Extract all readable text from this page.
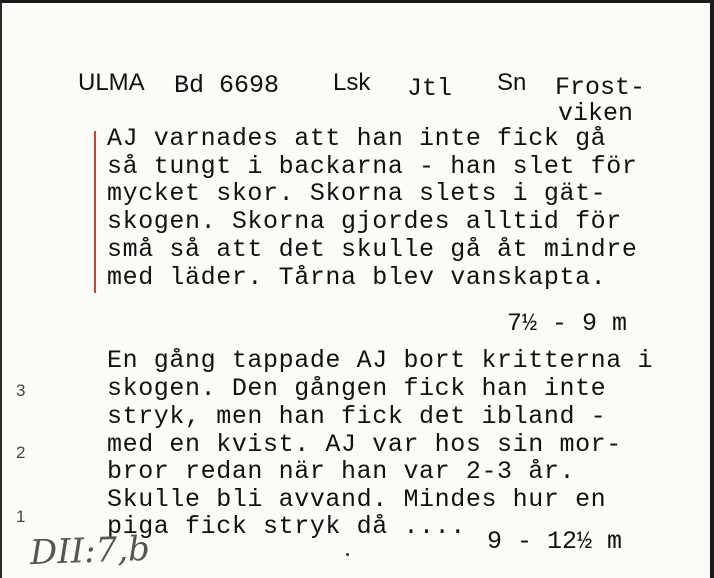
ULMA Bd 6698 Lsk Jtl Sn Frost-
viken
AJ varnades att han inte fick gå
så tungt i backarna - han slet för
mycket skor. Skorna slets i gät-
skogen. Skorna gjordes alltid för
små så att det skulle gå åt mindre
med läder. Tårna blev vanskapta.
7½ - 9 m
En gång tappade AJ bort kritterna i
skogen. Den gången fick han inte
stryk, men han fick det ibland -
med en kvist. AJ var hos sin mor-
bror redan när han var 2-3 år.
Skulle bli avvand. Mindes hur en
piga fick stryk då ....
9 - 12½ m
3
2
1
DII:7,b
